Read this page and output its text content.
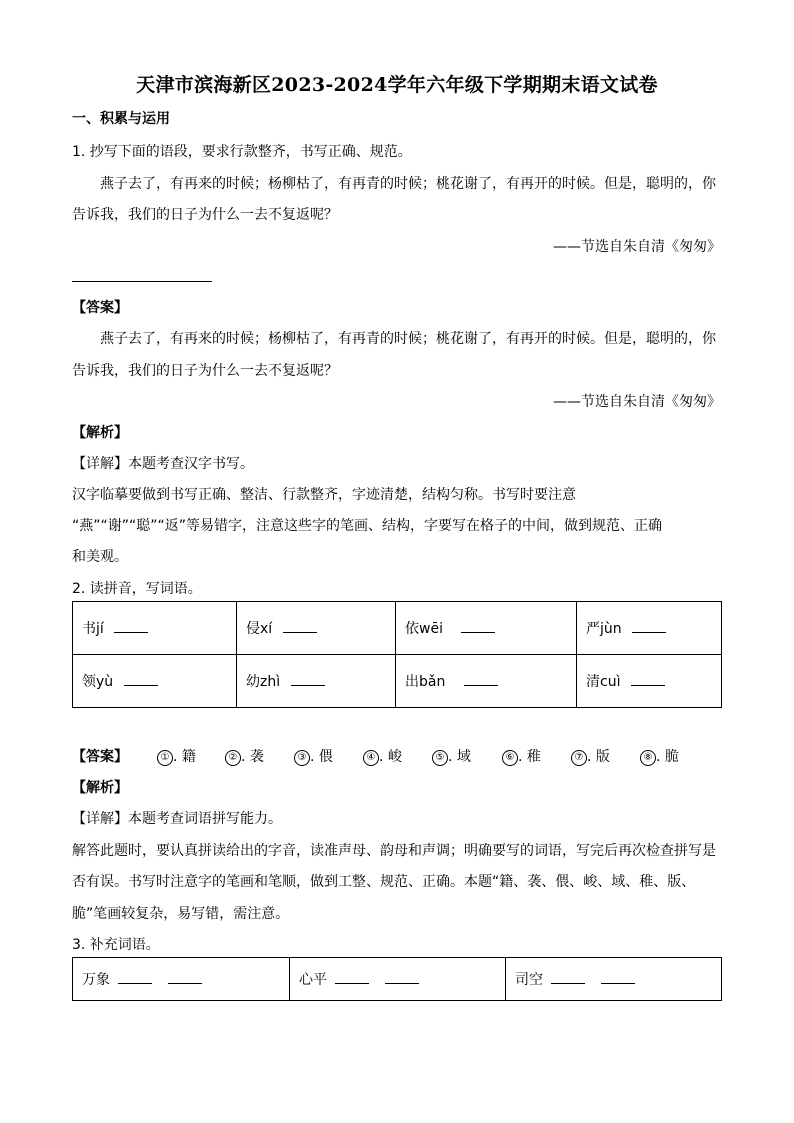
天津市滨海新区2023-2024学年六年级下学期期末语文试卷
一、积累与运用
1. 抄写下面的语段，要求行款整齐，书写正确、规范。
燕子去了，有再来的时候；杨柳枯了，有再青的时候；桃花谢了，有再开的时候。但是，聪明的，你
告诉我，我们的日子为什么一去不复返呢？
——节选自朱自清《匆匆》
【答案】
燕子去了，有再来的时候；杨柳枯了，有再青的时候；桃花谢了，有再开的时候。但是，聪明的，你
告诉我，我们的日子为什么一去不复返呢？
——节选自朱自清《匆匆》
【解析】
【详解】本题考查汉字书写。
汉字临摹要做到书写正确、整洁、行款整齐，字迹清楚，结构匀称。书写时要注意
“燕”“谢”“聪”“返”等易错字，注意这些字的笔画、结构，字要写在格子的中间，做到规范、正确
和美观。
2. 读拼音，写词语。
书jí	侵xí	依wēi	严jùn
领yù	幼zhì	出bǎn	清cuì
【答案】	① . 籍	② . 袭	③ . 偎	④ . 峻	⑤ . 域	⑥ . 稚	⑦ . 版	⑧ . 脆
【解析】
【详解】本题考查词语拼写能力。
解答此题时，要认真拼读给出的字音，读准声母、韵母和声调；明确要写的词语，写完后再次检查拼写是
否有误。书写时注意字的笔画和笔顺，做到工整、规范、正确。本题“籍、袭、偎、峻、域、稚、版、
脆”笔画较复杂，易写错，需注意。
3. 补充词语。
万象	心平	司空
